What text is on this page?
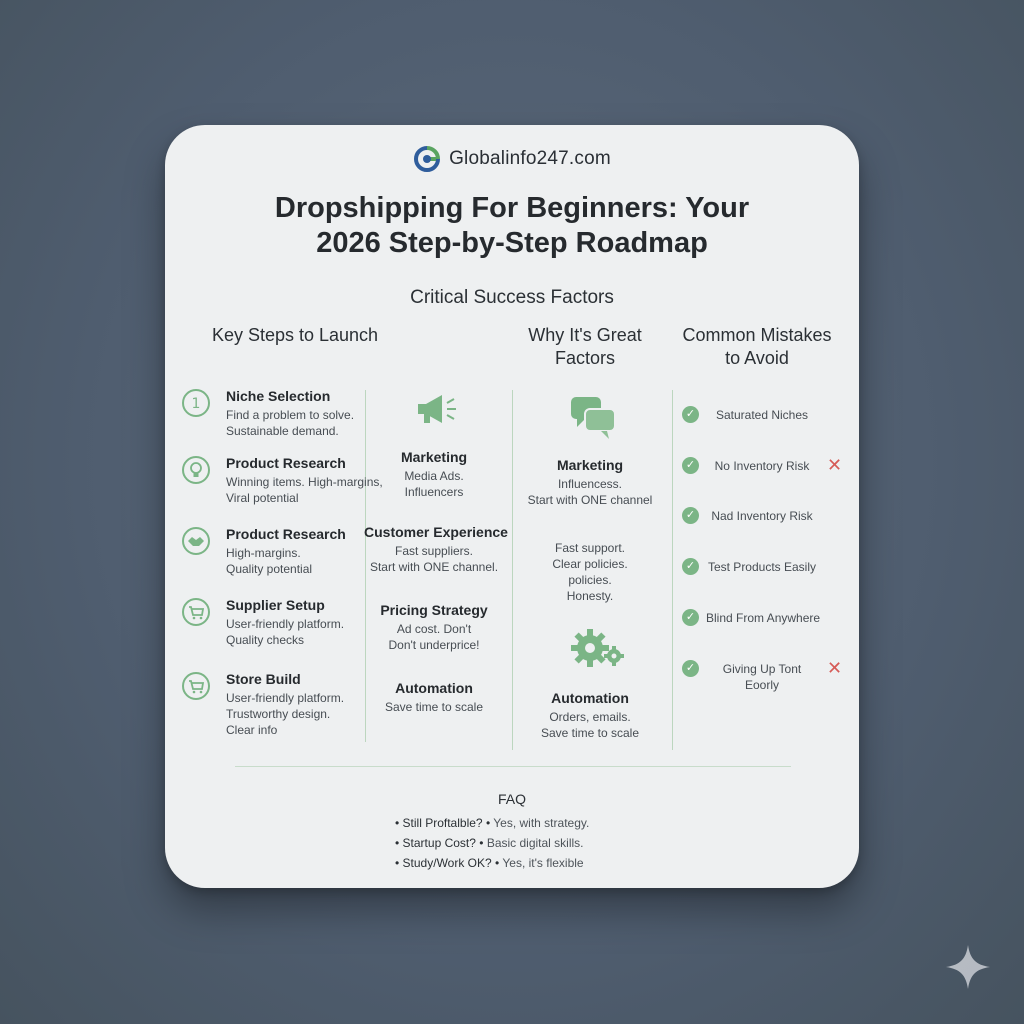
Globalinfo247.com
Dropshipping For Beginners: Your
2026 Step-by-Step Roadmap
Critical Success Factors
Key Steps to Launch	Why It's Great
Factors
Common Mistakes
to Avoid
1 Niche Selection
Find a problem to solve.
Sustainable demand.
Product Research
Winning items. High-margins,
Viral potential
Product Research
High-margins.
Quality potential
Supplier Setup
User-friendly platform.
Quality checks
Store Build
User-friendly platform.
Trustworthy design.
Clear info
Marketing
Media Ads.
Influencers
Customer Experience
Fast suppliers.
Start with ONE channel.
Pricing Strategy
Ad cost. Don't
Don't underprice!
Automation
Save time to scale
Marketing
Influencess.
Start with ONE channel
Fast support.
Clear policies.
policies.
Honesty.
Automation
Orders, emails.
Save time to scale
✓	Saturated Niches
✓	No Inventory Risk ✕
✓	Nad Inventory Risk
✓	Test Products Easily
✓ Blind From Anywhere
✓	Giving Up Tont
Eoorly
✕
FAQ
• Still Proftalble? • Yes, with strategy.
• Startup Cost? • Basic digital skills.
• Study/Work OK? • Yes, it's flexible
